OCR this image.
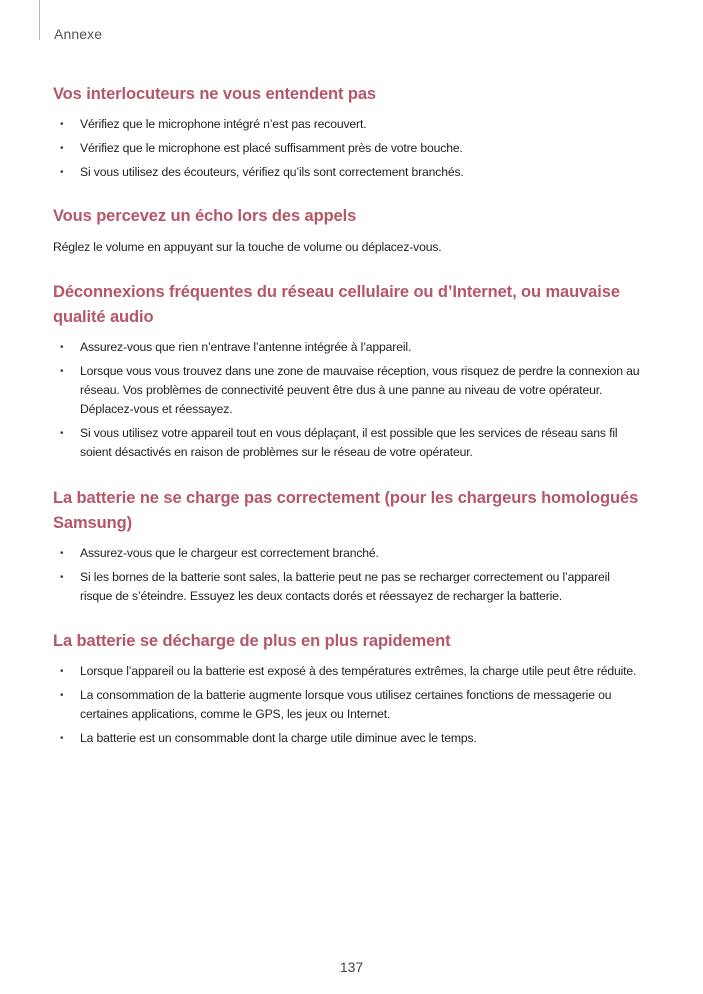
Annexe
Vos interlocuteurs ne vous entendent pas
• Vérifiez que le microphone intégré n’est pas recouvert.
• Vérifiez que le microphone est placé suffisamment près de votre bouche.
• Si vous utilisez des écouteurs, vérifiez qu’ils sont correctement branchés.
Vous percevez un écho lors des appels

Réglez le volume en appuyant sur la touche de volume ou déplacez-vous.

Déconnexions fréquentes du réseau cellulaire ou d’Internet, ou mauvaise qualité audio
• Assurez-vous que rien n’entrave l’antenne intégrée à l’appareil.
• Lorsque vous vous trouvez dans une zone de mauvaise réception, vous risquez de perdre la connexion au réseau. Vos problèmes de connectivité peuvent être dus à une panne au niveau de votre opérateur. Déplacez-vous et réessayez.
• Si vous utilisez votre appareil tout en vous déplaçant, il est possible que les services de réseau sans fil soient désactivés en raison de problèmes sur le réseau de votre opérateur.
La batterie ne se charge pas correctement (pour les chargeurs homologués Samsung)
• Assurez-vous que le chargeur est correctement branché.
• Si les bornes de la batterie sont sales, la batterie peut ne pas se recharger correctement ou l’appareil risque de s’éteindre. Essuyez les deux contacts dorés et réessayez de recharger la batterie.
La batterie se décharge de plus en plus rapidement
• Lorsque l’appareil ou la batterie est exposé à des températures extrêmes, la charge utile peut être réduite.
• La consommation de la batterie augmente lorsque vous utilisez certaines fonctions de messagerie ou certaines applications, comme le GPS, les jeux ou Internet.
• La batterie est un consommable dont la charge utile diminue avec le temps.
137
